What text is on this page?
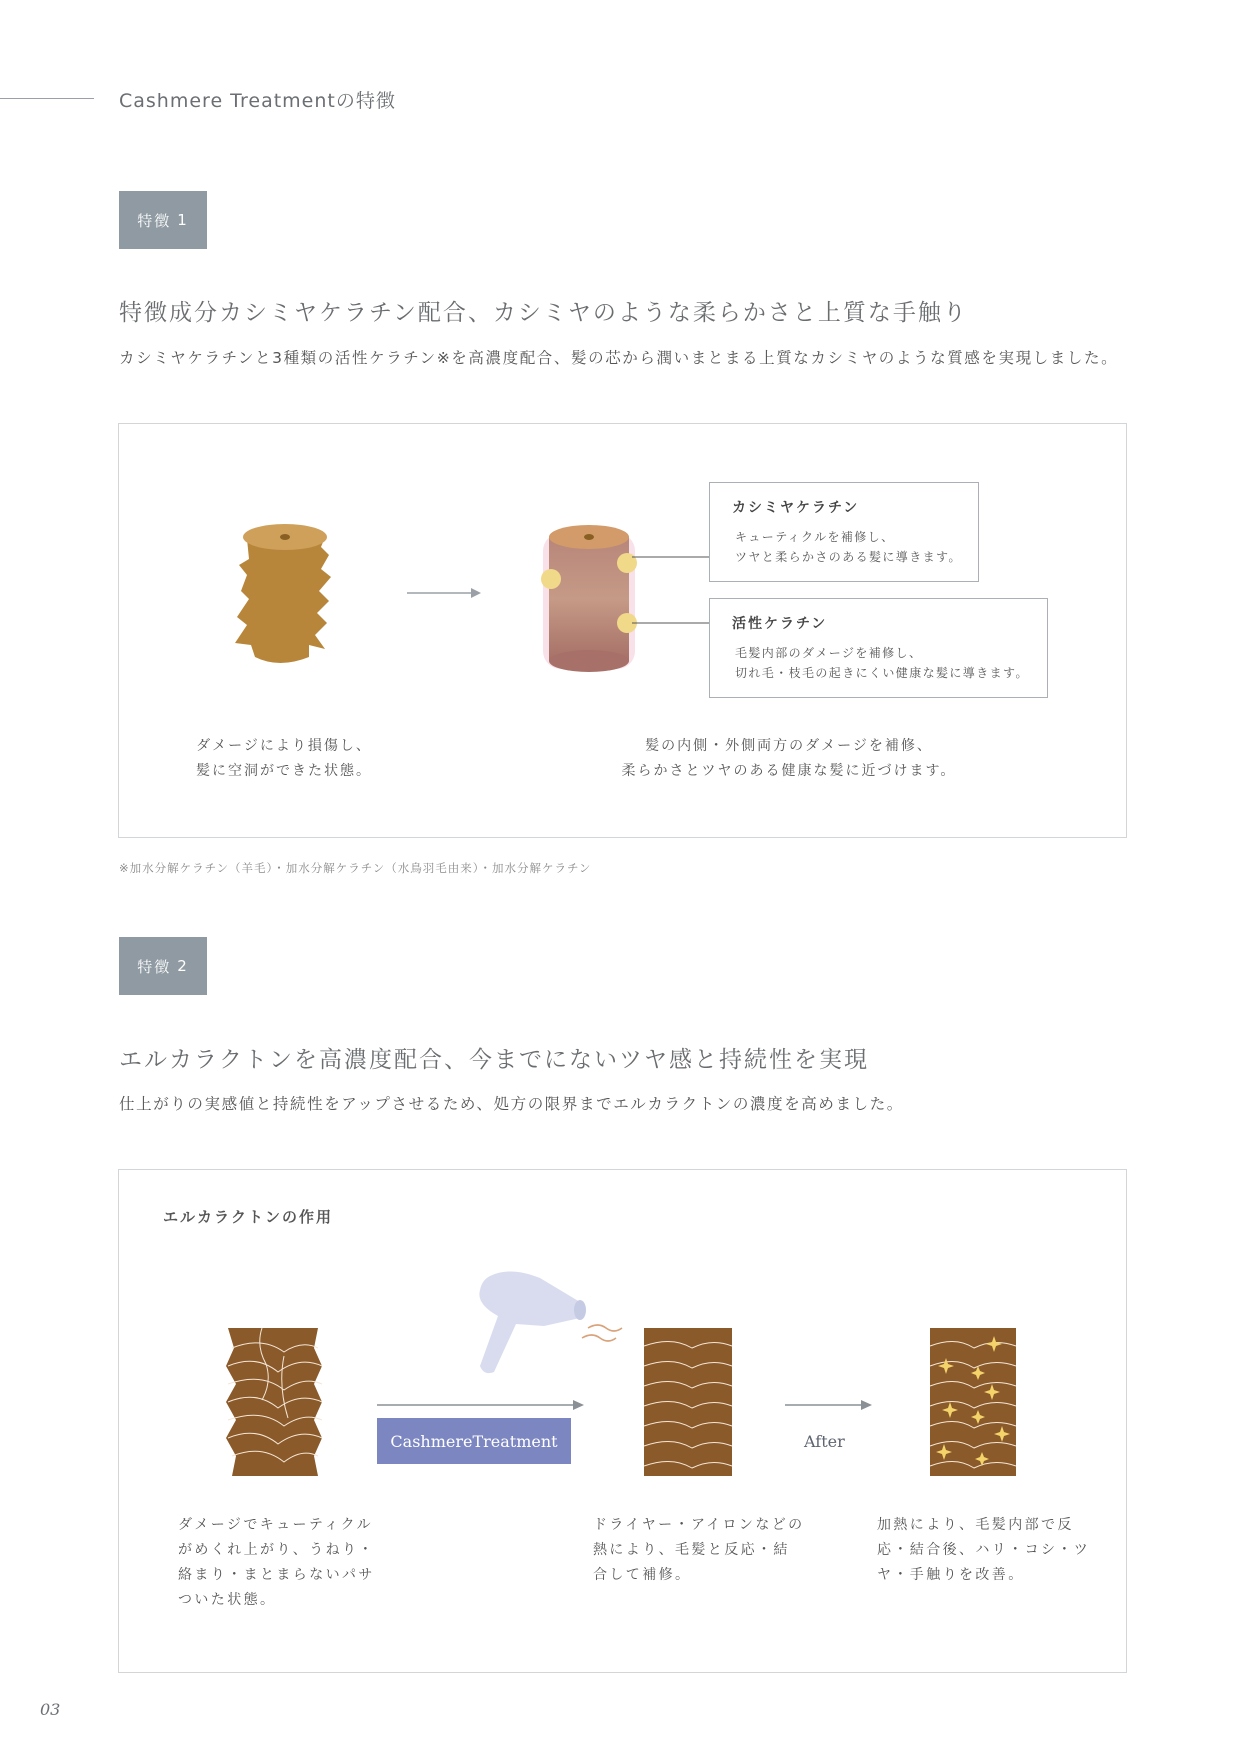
Cashmere Treatmentの特徴
特徴 1
特徴成分カシミヤケラチン配合、カシミヤのような柔らかさと上質な手触り
カシミヤケラチンと3種類の活性ケラチン※を高濃度配合、髪の芯から潤いまとまる上質なカシミヤのような質感を実現しました。
カシミヤケラチン
キューティクルを補修し、
ツヤと柔らかさのある髪に導きます。
活性ケラチン
毛髪内部のダメージを補修し、
切れ毛・枝毛の起きにくい健康な髪に導きます。
ダメージにより損傷し、
髪に空洞ができた状態。
髪の内側・外側両方のダメージを補修、
柔らかさとツヤのある健康な髪に近づけます。
※加水分解ケラチン（羊毛）・加水分解ケラチン（水鳥羽毛由来）・加水分解ケラチン
特徴 2
エルカラクトンを高濃度配合、今までにないツヤ感と持続性を実現
仕上がりの実感値と持続性をアップさせるため、処方の限界までエルカラクトンの濃度を高めました。
エルカラクトンの作用
CashmereTreatment	After
ダメージでキューティクル
がめくれ上がり、うねり・
絡まり・まとまらないパサ
ついた状態。
ドライヤー・アイロンなどの
熱により、毛髪と反応・結
合して補修。
加熱により、毛髪内部で反
応・結合後、ハリ・コシ・ツ
ヤ・手触りを改善。
03
